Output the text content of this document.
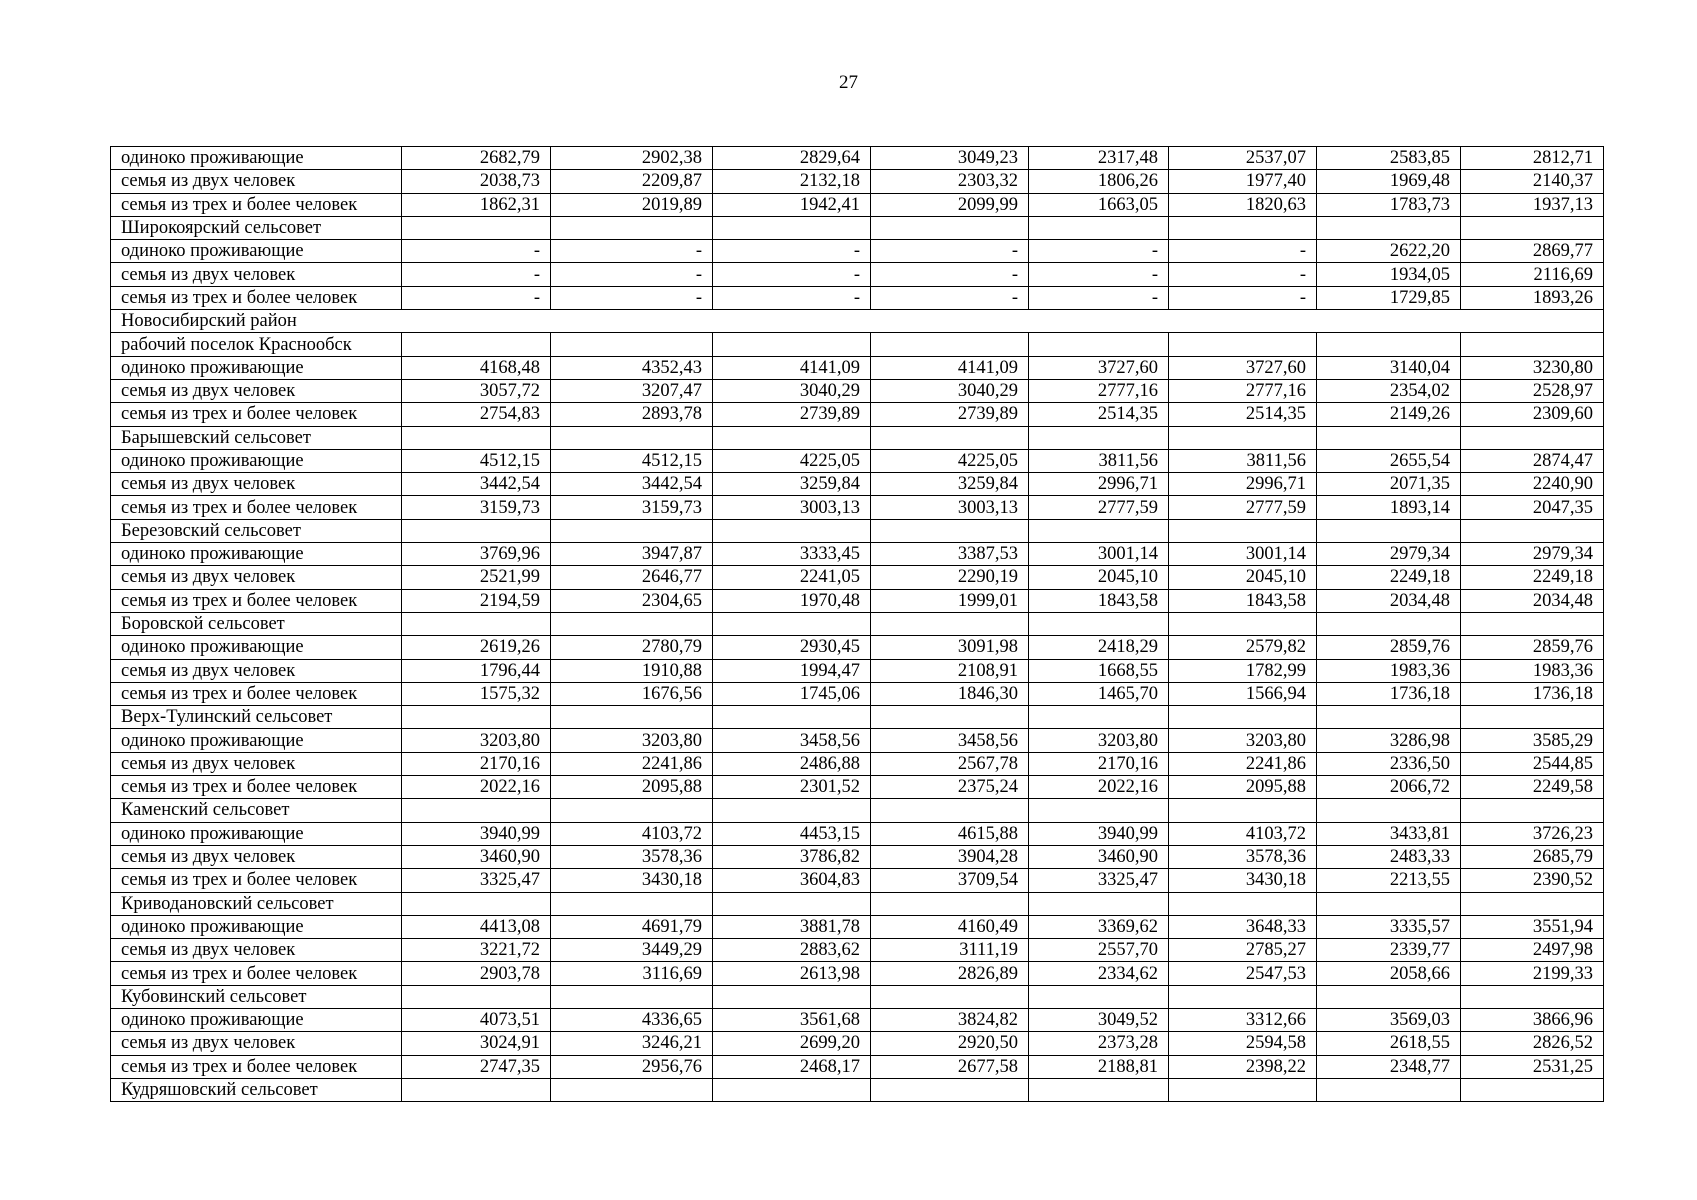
27
одиноко проживающие	2682,79	2902,38	2829,64	3049,23	2317,48	2537,07	2583,85	2812,71
семья из двух человек	2038,73	2209,87	2132,18	2303,32	1806,26	1977,40	1969,48	2140,37
семья из трех и более человек	1862,31	2019,89	1942,41	2099,99	1663,05	1820,63	1783,73	1937,13
Широкоярский сельсовет								
одиноко проживающие	-	-	-	-	-	-	2622,20	2869,77
семья из двух человек	-	-	-	-	-	-	1934,05	2116,69
семья из трех и более человек	-	-	-	-	-	-	1729,85	1893,26
Новосибирский район								
рабочий поселок Краснообск								
одиноко проживающие	4168,48	4352,43	4141,09	4141,09	3727,60	3727,60	3140,04	3230,80
семья из двух человек	3057,72	3207,47	3040,29	3040,29	2777,16	2777,16	2354,02	2528,97
семья из трех и более человек	2754,83	2893,78	2739,89	2739,89	2514,35	2514,35	2149,26	2309,60
Барышевский сельсовет								
одиноко проживающие	4512,15	4512,15	4225,05	4225,05	3811,56	3811,56	2655,54	2874,47
семья из двух человек	3442,54	3442,54	3259,84	3259,84	2996,71	2996,71	2071,35	2240,90
семья из трех и более человек	3159,73	3159,73	3003,13	3003,13	2777,59	2777,59	1893,14	2047,35
Березовский сельсовет								
одиноко проживающие	3769,96	3947,87	3333,45	3387,53	3001,14	3001,14	2979,34	2979,34
семья из двух человек	2521,99	2646,77	2241,05	2290,19	2045,10	2045,10	2249,18	2249,18
семья из трех и более человек	2194,59	2304,65	1970,48	1999,01	1843,58	1843,58	2034,48	2034,48
Боровской сельсовет								
одиноко проживающие	2619,26	2780,79	2930,45	3091,98	2418,29	2579,82	2859,76	2859,76
семья из двух человек	1796,44	1910,88	1994,47	2108,91	1668,55	1782,99	1983,36	1983,36
семья из трех и более человек	1575,32	1676,56	1745,06	1846,30	1465,70	1566,94	1736,18	1736,18
Верх-Тулинский сельсовет								
одиноко проживающие	3203,80	3203,80	3458,56	3458,56	3203,80	3203,80	3286,98	3585,29
семья из двух человек	2170,16	2241,86	2486,88	2567,78	2170,16	2241,86	2336,50	2544,85
семья из трех и более человек	2022,16	2095,88	2301,52	2375,24	2022,16	2095,88	2066,72	2249,58
Каменский сельсовет								
одиноко проживающие	3940,99	4103,72	4453,15	4615,88	3940,99	4103,72	3433,81	3726,23
семья из двух человек	3460,90	3578,36	3786,82	3904,28	3460,90	3578,36	2483,33	2685,79
семья из трех и более человек	3325,47	3430,18	3604,83	3709,54	3325,47	3430,18	2213,55	2390,52
Криводановский сельсовет								
одиноко проживающие	4413,08	4691,79	3881,78	4160,49	3369,62	3648,33	3335,57	3551,94
семья из двух человек	3221,72	3449,29	2883,62	3111,19	2557,70	2785,27	2339,77	2497,98
семья из трех и более человек	2903,78	3116,69	2613,98	2826,89	2334,62	2547,53	2058,66	2199,33
Кубовинский сельсовет								
одиноко проживающие	4073,51	4336,65	3561,68	3824,82	3049,52	3312,66	3569,03	3866,96
семья из двух человек	3024,91	3246,21	2699,20	2920,50	2373,28	2594,58	2618,55	2826,52
семья из трех и более человек	2747,35	2956,76	2468,17	2677,58	2188,81	2398,22	2348,77	2531,25
Кудряшовский сельсовет								
